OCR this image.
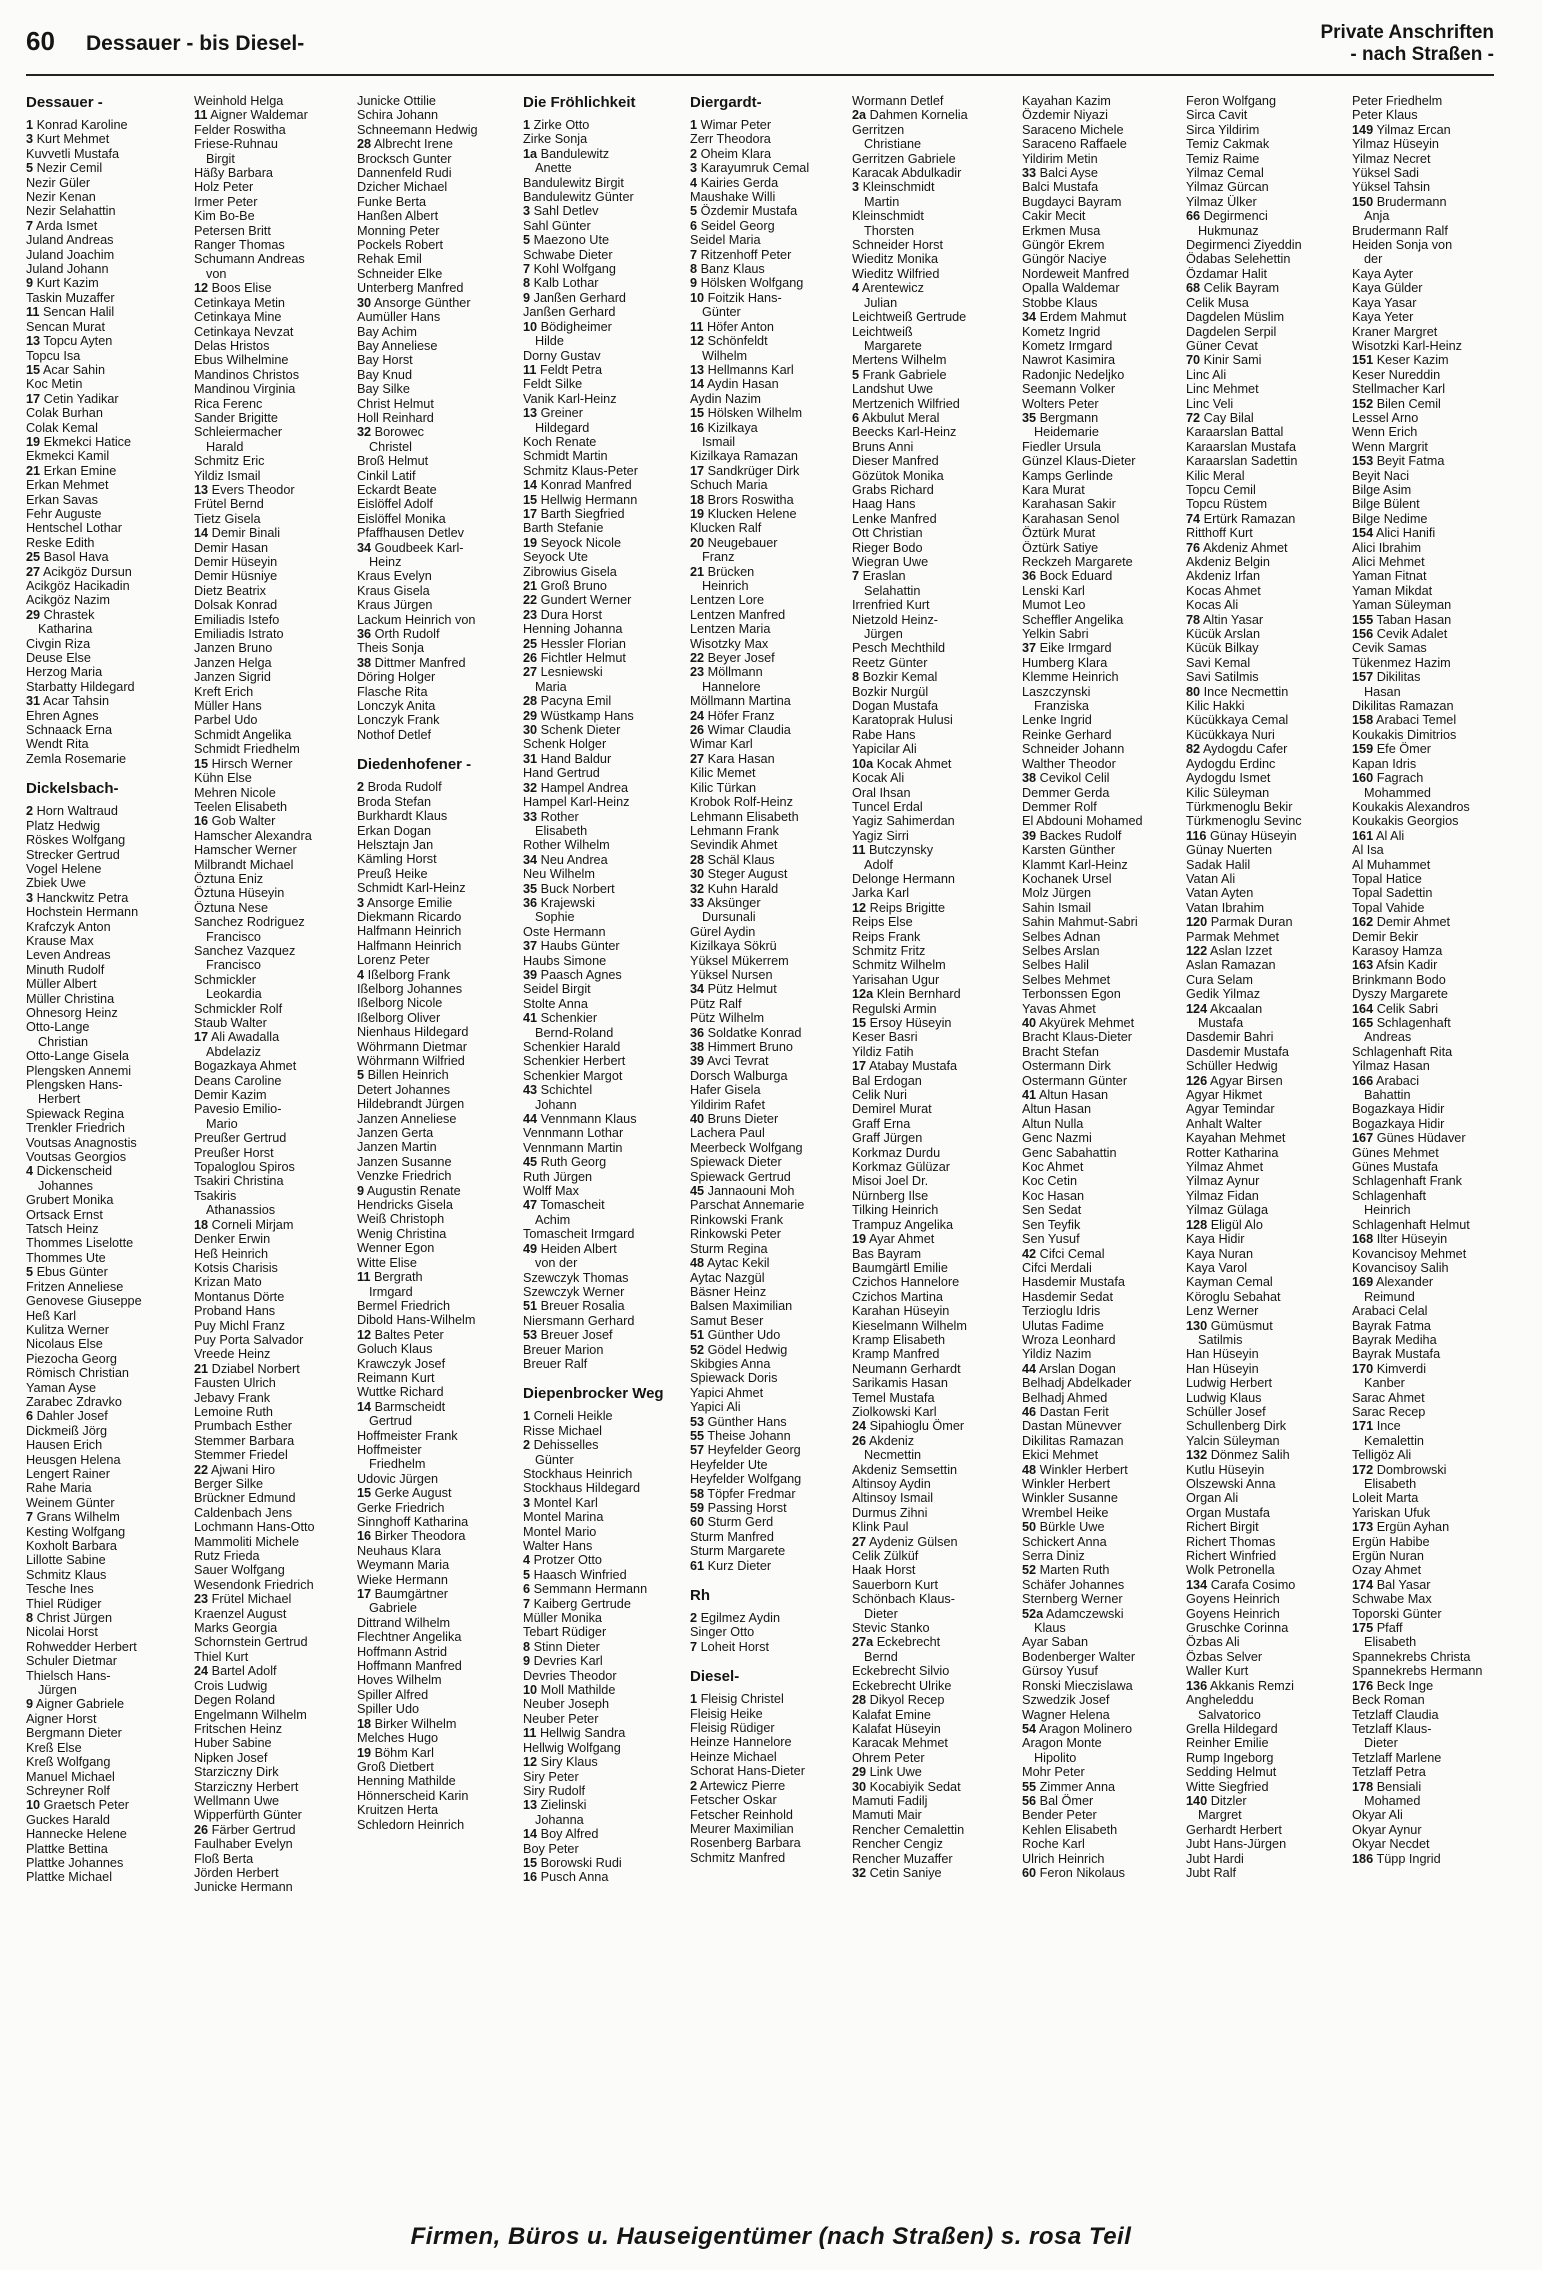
60 Dessauer - bis Diesel-	Private Anschriften
- nach Straßen -
Dessauer -
1 Konrad Karoline
3 Kurt Mehmet
Kuvvetli Mustafa
5 Nezir Cemil
Nezir Güler
Nezir Kenan
Nezir Selahattin
7 Arda Ismet
Juland Andreas
Juland Joachim
Juland Johann
9 Kurt Kazim
Taskin Muzaffer
11 Sencan Halil
Sencan Murat
13 Topcu Ayten
Topcu Isa
15 Acar Sahin
Koc Metin
17 Cetin Yadikar
Colak Burhan
Colak Kemal
19 Ekmekci Hatice
Ekmekci Kamil
21 Erkan Emine
Erkan Mehmet
Erkan Savas
Fehr Auguste
Hentschel Lothar
Reske Edith
25 Basol Hava
27 Acikgöz Dursun
Acikgöz Hacikadin
Acikgöz Nazim
29 Chrastek
Katharina
Civgin Riza
Deuse Else
Herzog Maria
Starbatty Hildegard
31 Acar Tahsin
Ehren Agnes
Schnaack Erna
Wendt Rita
Zemla Rosemarie
Dickelsbach-
2 Horn Waltraud
Platz Hedwig
Röskes Wolfgang
Strecker Gertrud
Vogel Helene
Zbiek Uwe
3 Hanckwitz Petra
Hochstein Hermann
Krafczyk Anton
Krause Max
Leven Andreas
Minuth Rudolf
Müller Albert
Müller Christina
Ohnesorg Heinz
Otto-Lange
Christian
Otto-Lange Gisela
Plengsken Annemi
Plengsken Hans-
Herbert
Spiewack Regina
Trenkler Friedrich
Voutsas Anagnostis
Voutsas Georgios
4 Dickenscheid
Johannes
Grubert Monika
Ortsack Ernst
Tatsch Heinz
Thommes Liselotte
Thommes Ute
5 Ebus Günter
Fritzen Anneliese
Genovese Giuseppe
Heß Karl
Kulitza Werner
Nicolaus Else
Piezocha Georg
Römisch Christian
Yaman Ayse
Zarabec Zdravko
6 Dahler Josef
Dickmeiß Jörg
Hausen Erich
Heusgen Helena
Lengert Rainer
Rahe Maria
Weinem Günter
7 Grans Wilhelm
Kesting Wolfgang
Koxholt Barbara
Lillotte Sabine
Schmitz Klaus
Tesche Ines
Thiel Rüdiger
8 Christ Jürgen
Nicolai Horst
Rohwedder Herbert
Schuler Dietmar
Thielsch Hans-
Jürgen
9 Aigner Gabriele
Aigner Horst
Bergmann Dieter
Kreß Else
Kreß Wolfgang
Manuel Michael
Schreyner Rolf
10 Graetsch Peter
Guckes Harald
Hannecke Helene
Plattke Bettina
Plattke Johannes
Plattke Michael
Weinhold Helga
11 Aigner Waldemar
Felder Roswitha
Friese-Ruhnau
Birgit
Häßy Barbara
Holz Peter
Irmer Peter
Kim Bo-Be
Petersen Britt
Ranger Thomas
Schumann Andreas
von
12 Boos Elise
Cetinkaya Metin
Cetinkaya Mine
Cetinkaya Nevzat
Delas Hristos
Ebus Wilhelmine
Mandinos Christos
Mandinou Virginia
Rica Ferenc
Sander Brigitte
Schleiermacher
Harald
Schmitz Eric
Yildiz Ismail
13 Evers Theodor
Frütel Bernd
Tietz Gisela
14 Demir Binali
Demir Hasan
Demir Hüseyin
Demir Hüsniye
Dietz Beatrix
Dolsak Konrad
Emiliadis Istefo
Emiliadis Istrato
Janzen Bruno
Janzen Helga
Janzen Sigrid
Kreft Erich
Müller Hans
Parbel Udo
Schmidt Angelika
Schmidt Friedhelm
15 Hirsch Werner
Kühn Else
Mehren Nicole
Teelen Elisabeth
16 Gob Walter
Hamscher Alexandra
Hamscher Werner
Milbrandt Michael
Öztuna Eniz
Öztuna Hüseyin
Öztuna Nese
Sanchez Rodriguez
Francisco
Sanchez Vazquez
Francisco
Schmickler
Leokardia
Schmickler Rolf
Staub Walter
17 Ali Awadalla
Abdelaziz
Bogazkaya Ahmet
Deans Caroline
Demir Kazim
Pavesio Emilio-
Mario
Preußer Gertrud
Preußer Horst
Topaloglou Spiros
Tsakiri Christina
Tsakiris
Athanassios
18 Corneli Mirjam
Denker Erwin
Heß Heinrich
Kotsis Charisis
Krizan Mato
Montanus Dörte
Proband Hans
Puy Michl Franz
Puy Porta Salvador
Vreede Heinz
21 Dziabel Norbert
Fausten Ulrich
Jebavy Frank
Lemoine Ruth
Prumbach Esther
Stemmer Barbara
Stemmer Friedel
22 Ajwani Hiro
Berger Silke
Brückner Edmund
Caldenbach Jens
Lochmann Hans-Otto
Mammoliti Michele
Rutz Frieda
Sauer Wolfgang
Wesendonk Friedrich
23 Frütel Michael
Kraenzel August
Marks Georgia
Schornstein Gertrud
Thiel Kurt
24 Bartel Adolf
Crois Ludwig
Degen Roland
Engelmann Wilhelm
Fritschen Heinz
Huber Sabine
Nipken Josef
Starziczny Dirk
Starziczny Herbert
Wellmann Uwe
Wipperfürth Günter
26 Färber Gertrud
Faulhaber Evelyn
Floß Berta
Jörden Herbert
Junicke Hermann
Junicke Ottilie
Schira Johann
Schneemann Hedwig
28 Albrecht Irene
Brocksch Gunter
Dannenfeld Rudi
Dzicher Michael
Funke Berta
Hanßen Albert
Monning Peter
Pockels Robert
Rehak Emil
Schneider Elke
Unterberg Manfred
30 Ansorge Günther
Aumüller Hans
Bay Achim
Bay Anneliese
Bay Horst
Bay Knud
Bay Silke
Christ Helmut
Holl Reinhard
32 Borowec
Christel
Broß Helmut
Cinkil Latif
Eckardt Beate
Eislöffel Adolf
Eislöffel Monika
Pfaffhausen Detlev
34 Goudbeek Karl-
Heinz
Kraus Evelyn
Kraus Gisela
Kraus Jürgen
Lackum Heinrich von
36 Orth Rudolf
Theis Sonja
38 Dittmer Manfred
Döring Holger
Flasche Rita
Lonczyk Anita
Lonczyk Frank
Nothof Detlef
Diedenhofener -
2 Broda Rudolf
Broda Stefan
Burkhardt Klaus
Erkan Dogan
Helsztajn Jan
Kämling Horst
Preuß Heike
Schmidt Karl-Heinz
3 Ansorge Emilie
Diekmann Ricardo
Halfmann Heinrich
Halfmann Heinrich
Lorenz Peter
4 Ißelborg Frank
Ißelborg Johannes
Ißelborg Nicole
Ißelborg Oliver
Nienhaus Hildegard
Wöhrmann Dietmar
Wöhrmann Wilfried
5 Billen Heinrich
Detert Johannes
Hildebrandt Jürgen
Janzen Anneliese
Janzen Gerta
Janzen Martin
Janzen Susanne
Venzke Friedrich
9 Augustin Renate
Hendricks Gisela
Weiß Christoph
Wenig Christina
Wenner Egon
Witte Elise
11 Bergrath
Irmgard
Bermel Friedrich
Dibold Hans-Wilhelm
12 Baltes Peter
Goluch Klaus
Krawczyk Josef
Reimann Kurt
Wuttke Richard
14 Barmscheidt
Gertrud
Hoffmeister Frank
Hoffmeister
Friedhelm
Udovic Jürgen
15 Gerke August
Gerke Friedrich
Sinnghoff Katharina
16 Birker Theodora
Neuhaus Klara
Weymann Maria
Wieke Hermann
17 Baumgärtner
Gabriele
Dittrand Wilhelm
Flechtner Angelika
Hoffmann Astrid
Hoffmann Manfred
Hoves Wilhelm
Spiller Alfred
Spiller Udo
18 Birker Wilhelm
Melches Hugo
19 Böhm Karl
Groß Dietbert
Henning Mathilde
Hönnerscheid Karin
Kruitzen Herta
Schledorn Heinrich
Die Fröhlichkeit
1 Zirke Otto
Zirke Sonja
1a Bandulewitz
Anette
Bandulewitz Birgit
Bandulewitz Günter
3 Sahl Detlev
Sahl Günter
5 Maezono Ute
Schwabe Dieter
7 Kohl Wolfgang
8 Kalb Lothar
9 Janßen Gerhard
Janßen Gerhard
10 Bödigheimer
Hilde
Dorny Gustav
11 Feldt Petra
Feldt Silke
Vanik Karl-Heinz
13 Greiner
Hildegard
Koch Renate
Schmidt Martin
Schmitz Klaus-Peter
14 Konrad Manfred
15 Hellwig Hermann
17 Barth Siegfried
Barth Stefanie
19 Seyock Nicole
Seyock Ute
Zibrowius Gisela
21 Groß Bruno
22 Gundert Werner
23 Dura Horst
Henning Johanna
25 Hessler Florian
26 Fichtler Helmut
27 Lesniewski
Maria
28 Pacyna Emil
29 Wüstkamp Hans
30 Schenk Dieter
Schenk Holger
31 Hand Baldur
Hand Gertrud
32 Hampel Andrea
Hampel Karl-Heinz
33 Rother
Elisabeth
Rother Wilhelm
34 Neu Andrea
Neu Wilhelm
35 Buck Norbert
36 Krajewski
Sophie
Oste Hermann
37 Haubs Günter
Haubs Simone
39 Paasch Agnes
Seidel Birgit
Stolte Anna
41 Schenkier
Bernd-Roland
Schenkier Harald
Schenkier Herbert
Schenkier Margot
43 Schichtel
Johann
44 Vennmann Klaus
Vennmann Lothar
Vennmann Martin
45 Ruth Georg
Ruth Jürgen
Wolff Max
47 Tomascheit
Achim
Tomascheit Irmgard
49 Heiden Albert
von der
Szewczyk Thomas
Szewczyk Werner
51 Breuer Rosalia
Niersmann Gerhard
53 Breuer Josef
Breuer Marion
Breuer Ralf
Diepenbrocker Weg
1 Corneli Heikle
Risse Michael
2 Dehisselles
Günter
Stockhaus Heinrich
Stockhaus Hildegard
3 Montel Karl
Montel Marina
Montel Mario
Walter Hans
4 Protzer Otto
5 Haasch Winfried
6 Semmann Hermann
7 Kaiberg Gertrude
Müller Monika
Tebart Rüdiger
8 Stinn Dieter
9 Devries Karl
Devries Theodor
10 Moll Mathilde
Neuber Joseph
Neuber Peter
11 Hellwig Sandra
Hellwig Wolfgang
12 Siry Klaus
Siry Peter
Siry Rudolf
13 Zielinski
Johanna
14 Boy Alfred
Boy Peter
15 Borowski Rudi
16 Pusch Anna
Diergardt-
1 Wimar Peter
Zerr Theodora
2 Oheim Klara
3 Karayumruk Cemal
4 Kairies Gerda
Maushake Willi
5 Özdemir Mustafa
6 Seidel Georg
Seidel Maria
7 Ritzenhoff Peter
8 Banz Klaus
9 Hölsken Wolfgang
10 Foitzik Hans-
Günter
11 Höfer Anton
12 Schönfeldt
Wilhelm
13 Hellmanns Karl
14 Aydin Hasan
Aydin Nazim
15 Hölsken Wilhelm
16 Kizilkaya
Ismail
Kizilkaya Ramazan
17 Sandkrüger Dirk
Schuch Maria
18 Brors Roswitha
19 Klucken Helene
Klucken Ralf
20 Neugebauer
Franz
21 Brücken
Heinrich
Lentzen Lore
Lentzen Manfred
Lentzen Maria
Wisotzky Max
22 Beyer Josef
23 Möllmann
Hannelore
Möllmann Martina
24 Höfer Franz
26 Wimar Claudia
Wimar Karl
27 Kara Hasan
Kilic Memet
Kilic Türkan
Krobok Rolf-Heinz
Lehmann Elisabeth
Lehmann Frank
Sevindik Ahmet
28 Schäl Klaus
30 Steger August
32 Kuhn Harald
33 Aksünger
Dursunali
Gürel Aydin
Kizilkaya Sökrü
Yüksel Mükerrem
Yüksel Nursen
34 Pütz Helmut
Pütz Ralf
Pütz Wilhelm
36 Soldatke Konrad
38 Himmert Bruno
39 Avci Tevrat
Dorsch Walburga
Hafer Gisela
Yildirim Rafet
40 Bruns Dieter
Lachera Paul
Meerbeck Wolfgang
Spiewack Dieter
Spiewack Gertrud
45 Jannaouni Moh
Parschat Annemarie
Rinkowski Frank
Rinkowski Peter
Sturm Regina
48 Aytac Kekil
Aytac Nazgül
Bäsner Heinz
Balsen Maximilian
Samut Beser
51 Günther Udo
52 Gödel Hedwig
Skibgies Anna
Spiewack Doris
Yapici Ahmet
Yapici Ali
53 Günther Hans
55 Theise Johann
57 Heyfelder Georg
Heyfelder Ute
Heyfelder Wolfgang
58 Töpfer Fredmar
59 Passing Horst
60 Sturm Gerd
Sturm Manfred
Sturm Margarete
61 Kurz Dieter
Rh
2 Egilmez Aydin
Singer Otto
7 Loheit Horst
Diesel-
1 Fleisig Christel
Fleisig Heike
Fleisig Rüdiger
Heinze Hannelore
Heinze Michael
Schorat Hans-Dieter
2 Artewicz Pierre
Fetscher Oskar
Fetscher Reinhold
Meurer Maximilian
Rosenberg Barbara
Schmitz Manfred
Wormann Detlef
2a Dahmen Kornelia
Gerritzen
Christiane
Gerritzen Gabriele
Karacak Abdulkadir
3 Kleinschmidt
Martin
Kleinschmidt
Thorsten
Schneider Horst
Wieditz Monika
Wieditz Wilfried
4 Arentewicz
Julian
Leichtweiß Gertrude
Leichtweiß
Margarete
Mertens Wilhelm
5 Frank Gabriele
Landshut Uwe
Mertzenich Wilfried
6 Akbulut Meral
Beecks Karl-Heinz
Bruns Anni
Dieser Manfred
Gözütok Monika
Grabs Richard
Haag Hans
Lenke Manfred
Ott Christian
Rieger Bodo
Wiegran Uwe
7 Eraslan
Selahattin
Irrenfried Kurt
Nietzold Heinz-
Jürgen
Pesch Mechthild
Reetz Günter
8 Bozkir Kemal
Bozkir Nurgül
Dogan Mustafa
Karatoprak Hulusi
Rabe Hans
Yapicilar Ali
10a Kocak Ahmet
Kocak Ali
Oral Ihsan
Tuncel Erdal
Yagiz Sahimerdan
Yagiz Sirri
11 Butczynsky
Adolf
Delonge Hermann
Jarka Karl
12 Reips Brigitte
Reips Else
Reips Frank
Schmitz Fritz
Schmitz Wilhelm
Yarisahan Ugur
12a Klein Bernhard
Regulski Armin
15 Ersoy Hüseyin
Keser Basri
Yildiz Fatih
17 Atabay Mustafa
Bal Erdogan
Celik Nuri
Demirel Murat
Graff Erna
Graff Jürgen
Korkmaz Durdu
Korkmaz Gülüzar
Misoi Joel Dr.
Nürnberg Ilse
Tilking Heinrich
Trampuz Angelika
19 Ayar Ahmet
Bas Bayram
Baumgärtl Emilie
Czichos Hannelore
Czichos Martina
Karahan Hüseyin
Kieselmann Wilhelm
Kramp Elisabeth
Kramp Manfred
Neumann Gerhardt
Sarikamis Hasan
Temel Mustafa
Ziolkowski Karl
24 Sipahioglu Ömer
26 Akdeniz
Necmettin
Akdeniz Semsettin
Altinsoy Aydin
Altinsoy Ismail
Durmus Zihni
Klink Paul
27 Aydeniz Gülsen
Celik Zülküf
Haak Horst
Sauerborn Kurt
Schönbach Klaus-
Dieter
Stevic Stanko
27a Eckebrecht
Bernd
Eckebrecht Silvio
Eckebrecht Ulrike
28 Dikyol Recep
Kalafat Emine
Kalafat Hüseyin
Karacak Mehmet
Ohrem Peter
29 Link Uwe
30 Kocabiyik Sedat
Mamuti Fadilj
Mamuti Mair
Rencher Cemalettin
Rencher Cengiz
Rencher Muzaffer
32 Cetin Saniye
Kayahan Kazim
Özdemir Niyazi
Saraceno Michele
Saraceno Raffaele
Yildirim Metin
33 Balci Ayse
Balci Mustafa
Bugdayci Bayram
Cakir Mecit
Erkmen Musa
Güngör Ekrem
Güngör Naciye
Nordeweit Manfred
Opalla Waldemar
Stobbe Klaus
34 Erdem Mahmut
Kometz Ingrid
Kometz Irmgard
Nawrot Kasimira
Radonjic Nedeljko
Seemann Volker
Wolters Peter
35 Bergmann
Heidemarie
Fiedler Ursula
Günzel Klaus-Dieter
Kamps Gerlinde
Kara Murat
Karahasan Sakir
Karahasan Senol
Öztürk Murat
Öztürk Satiye
Reckzeh Margarete
36 Bock Eduard
Lenski Karl
Mumot Leo
Scheffler Angelika
Yelkin Sabri
37 Eike Irmgard
Humberg Klara
Klemme Heinrich
Laszczynski
Franziska
Lenke Ingrid
Reinke Gerhard
Schneider Johann
Walther Theodor
38 Cevikol Celil
Demmer Gerda
Demmer Rolf
El Abdouni Mohamed
39 Backes Rudolf
Karsten Günther
Klammt Karl-Heinz
Kochanek Ursel
Molz Jürgen
Sahin Ismail
Sahin Mahmut-Sabri
Selbes Adnan
Selbes Arslan
Selbes Halil
Selbes Mehmet
Terbonssen Egon
Yavas Ahmet
40 Akyürek Mehmet
Bracht Klaus-Dieter
Bracht Stefan
Ostermann Dirk
Ostermann Günter
41 Altun Hasan
Altun Hasan
Altun Nulla
Genc Nazmi
Genc Sabahattin
Koc Ahmet
Koc Cetin
Koc Hasan
Sen Sedat
Sen Teyfik
Sen Yusuf
42 Cifci Cemal
Cifci Merdali
Hasdemir Mustafa
Hasdemir Sedat
Terzioglu Idris
Ulutas Fadime
Wroza Leonhard
Yildiz Nazim
44 Arslan Dogan
Belhadj Abdelkader
Belhadj Ahmed
46 Dastan Ferit
Dastan Münevver
Dikilitas Ramazan
Ekici Mehmet
48 Winkler Herbert
Winkler Herbert
Winkler Susanne
Wrembel Heike
50 Bürkle Uwe
Schickert Anna
Serra Diniz
52 Marten Ruth
Schäfer Johannes
Sternberg Werner
52a Adamczewski
Klaus
Ayar Saban
Bodenberger Walter
Gürsoy Yusuf
Ronski Mieczislawa
Szwedzik Josef
Wagner Helena
54 Aragon Molinero
Aragon Monte
Hipolito
Mohr Peter
55 Zimmer Anna
56 Bal Ömer
Bender Peter
Kehlen Elisabeth
Roche Karl
Ulrich Heinrich
60 Feron Nikolaus
Feron Wolfgang
Sirca Cavit
Sirca Yildirim
Temiz Cakmak
Temiz Raime
Yilmaz Cemal
Yilmaz Gürcan
Yilmaz Ülker
66 Degirmenci
Hukmunaz
Degirmenci Ziyeddin
Ödabas Selehettin
Özdamar Halit
68 Celik Bayram
Celik Musa
Dagdelen Müslim
Dagdelen Serpil
Güner Cevat
70 Kinir Sami
Linc Ali
Linc Mehmet
Linc Veli
72 Cay Bilal
Karaarslan Battal
Karaarslan Mustafa
Karaarslan Sadettin
Kilic Meral
Topcu Cemil
Topcu Rüstem
74 Ertürk Ramazan
Ritthoff Kurt
76 Akdeniz Ahmet
Akdeniz Belgin
Akdeniz Irfan
Kocas Ahmet
Kocas Ali
78 Altin Yasar
Kücük Arslan
Kücük Bilkay
Savi Kemal
Savi Satilmis
80 Ince Necmettin
Kilic Hakki
Kücükkaya Cemal
Kücükkaya Nuri
82 Aydogdu Cafer
Aydogdu Erdinc
Aydogdu Ismet
Kilic Süleyman
Türkmenoglu Bekir
Türkmenoglu Sevinc
116 Günay Hüseyin
Günay Nuerten
Sadak Halil
Vatan Ali
Vatan Ayten
Vatan Ibrahim
120 Parmak Duran
Parmak Mehmet
122 Aslan Izzet
Aslan Ramazan
Cura Selam
Gedik Yilmaz
124 Akcaalan
Mustafa
Dasdemir Bahri
Dasdemir Mustafa
Schüller Hedwig
126 Agyar Birsen
Agyar Hikmet
Agyar Temindar
Anhalt Walter
Kayahan Mehmet
Rotter Katharina
Yilmaz Ahmet
Yilmaz Aynur
Yilmaz Fidan
Yilmaz Gülaga
128 Eligül Alo
Kaya Hidir
Kaya Nuran
Kaya Varol
Kayman Cemal
Köroglu Sebahat
Lenz Werner
130 Gümüsmut
Satilmis
Han Hüseyin
Han Hüseyin
Ludwig Herbert
Ludwig Klaus
Schüller Josef
Schullenberg Dirk
Yalcin Süleyman
132 Dönmez Salih
Kutlu Hüseyin
Olszewski Anna
Organ Ali
Organ Mustafa
Richert Birgit
Richert Thomas
Richert Winfried
Wolk Petronella
134 Carafa Cosimo
Goyens Heinrich
Goyens Heinrich
Gruschke Corinna
Özbas Ali
Özbas Selver
Waller Kurt
136 Akkanis Remzi
Angheleddu
Salvatorico
Grella Hildegard
Reinher Emilie
Rump Ingeborg
Sedding Helmut
Witte Siegfried
140 Ditzler
Margret
Gerhardt Herbert
Jubt Hans-Jürgen
Jubt Hardi
Jubt Ralf
Peter Friedhelm
Peter Klaus
149 Yilmaz Ercan
Yilmaz Hüseyin
Yilmaz Necret
Yüksel Sadi
Yüksel Tahsin
150 Brudermann
Anja
Brudermann Ralf
Heiden Sonja von
der
Kaya Ayter
Kaya Gülder
Kaya Yasar
Kaya Yeter
Kraner Margret
Wisotzki Karl-Heinz
151 Keser Kazim
Keser Nureddin
Stellmacher Karl
152 Bilen Cemil
Lessel Arno
Wenn Erich
Wenn Margrit
153 Beyit Fatma
Beyit Naci
Bilge Asim
Bilge Bülent
Bilge Nedime
154 Alici Hanifi
Alici Ibrahim
Alici Mehmet
Yaman Fitnat
Yaman Mikdat
Yaman Süleyman
155 Taban Hasan
156 Cevik Adalet
Cevik Samas
Tükenmez Hazim
157 Dikilitas
Hasan
Dikilitas Ramazan
158 Arabaci Temel
Koukakis Dimitrios
159 Efe Ömer
Kapan Idris
160 Fagrach
Mohammed
Koukakis Alexandros
Koukakis Georgios
161 Al Ali
Al Isa
Al Muhammet
Topal Hatice
Topal Sadettin
Topal Vahide
162 Demir Ahmet
Demir Bekir
Karasoy Hamza
163 Afsin Kadir
Brinkmann Bodo
Dyszy Margarete
164 Celik Sabri
165 Schlagenhaft
Andreas
Schlagenhaft Rita
Yilmaz Hasan
166 Arabaci
Bahattin
Bogazkaya Hidir
Bogazkaya Hidir
167 Günes Hüdaver
Günes Mehmet
Günes Mustafa
Schlagenhaft Frank
Schlagenhaft
Heinrich
Schlagenhaft Helmut
168 Ilter Hüseyin
Kovancisoy Mehmet
Kovancisoy Salih
169 Alexander
Reimund
Arabaci Celal
Bayrak Fatma
Bayrak Mediha
Bayrak Mustafa
170 Kimverdi
Kanber
Sarac Ahmet
Sarac Recep
171 Ince
Kemalettin
Telligöz Ali
172 Dombrowski
Elisabeth
Loleit Marta
Yariskan Ufuk
173 Ergün Ayhan
Ergün Habibe
Ergün Nuran
Ozay Ahmet
174 Bal Yasar
Schwabe Max
Toporski Günter
175 Pfaff
Elisabeth
Spannekrebs Christa
Spannekrebs Hermann
176 Beck Inge
Beck Roman
Tetzlaff Claudia
Tetzlaff Klaus-
Dieter
Tetzlaff Marlene
Tetzlaff Petra
178 Bensiali
Mohamed
Okyar Ali
Okyar Aynur
Okyar Necdet
186 Tüpp Ingrid
Firmen, Büros u. Hauseigentümer (nach Straßen) s. rosa Teil
